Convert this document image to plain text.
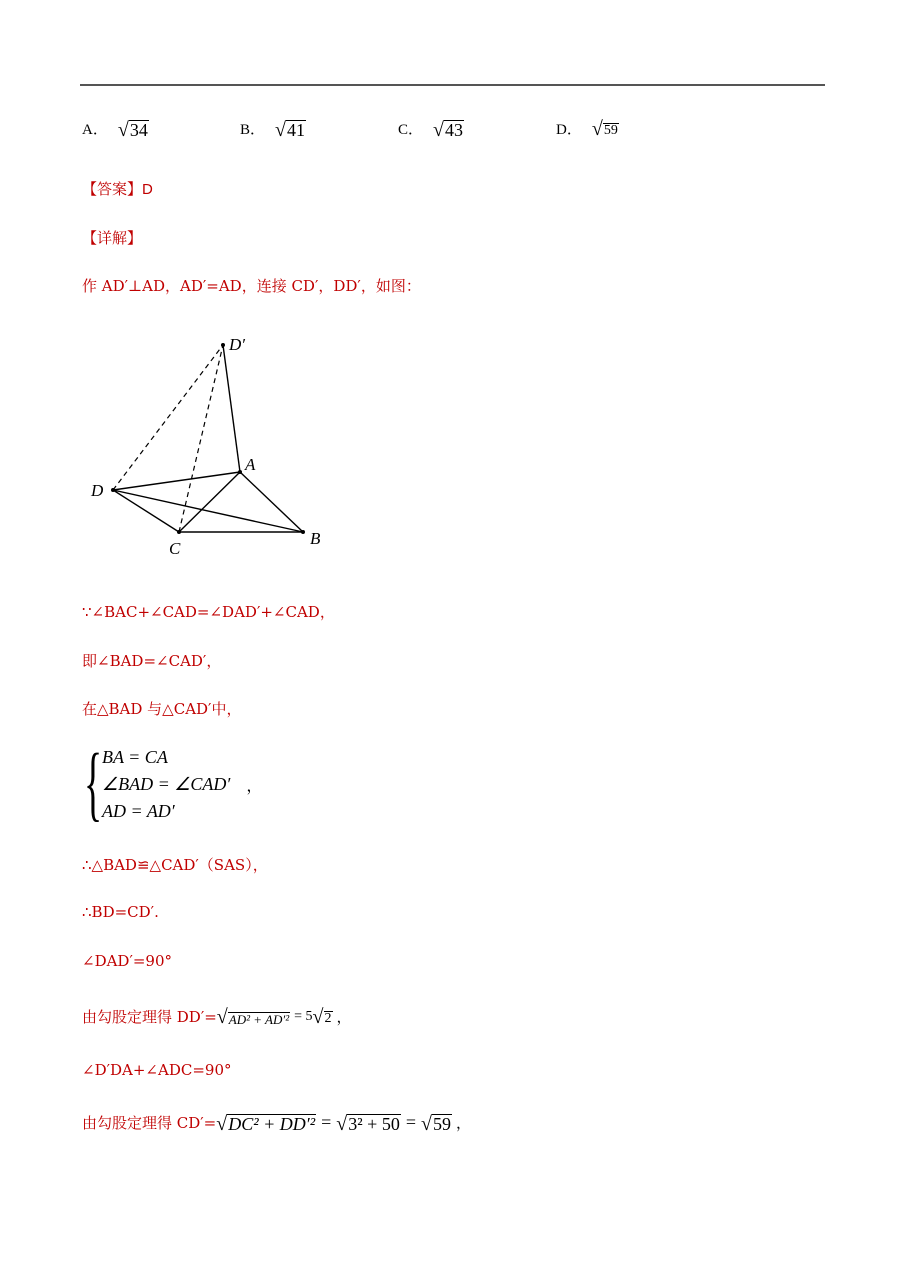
A． √ 34	B． √ 41	C． √ 43	D． √ 59
【答案】D
【详解】
作 AD′⊥AD，AD′=AD，连接 CD′，DD′，如图：
D′
A
D
C
B
∵∠BAC+∠CAD=∠DAD′+∠CAD，
即∠BAD=∠CAD′，
在△BAD 与△CAD′中，
{ BA = CA
∠BAD = ∠CAD′
AD = AD′
，
∴△BAD≌△CAD′（SAS），
∴BD=CD′.
∠DAD′=90°
由勾股定理得 DD′= √ AD² + AD′² = 5 √ 2 ，
∠D′DA+∠ADC=90°
由勾股定理得 CD′= √ DC² + DD′² = √ 3² + 50 = √ 59 ，
